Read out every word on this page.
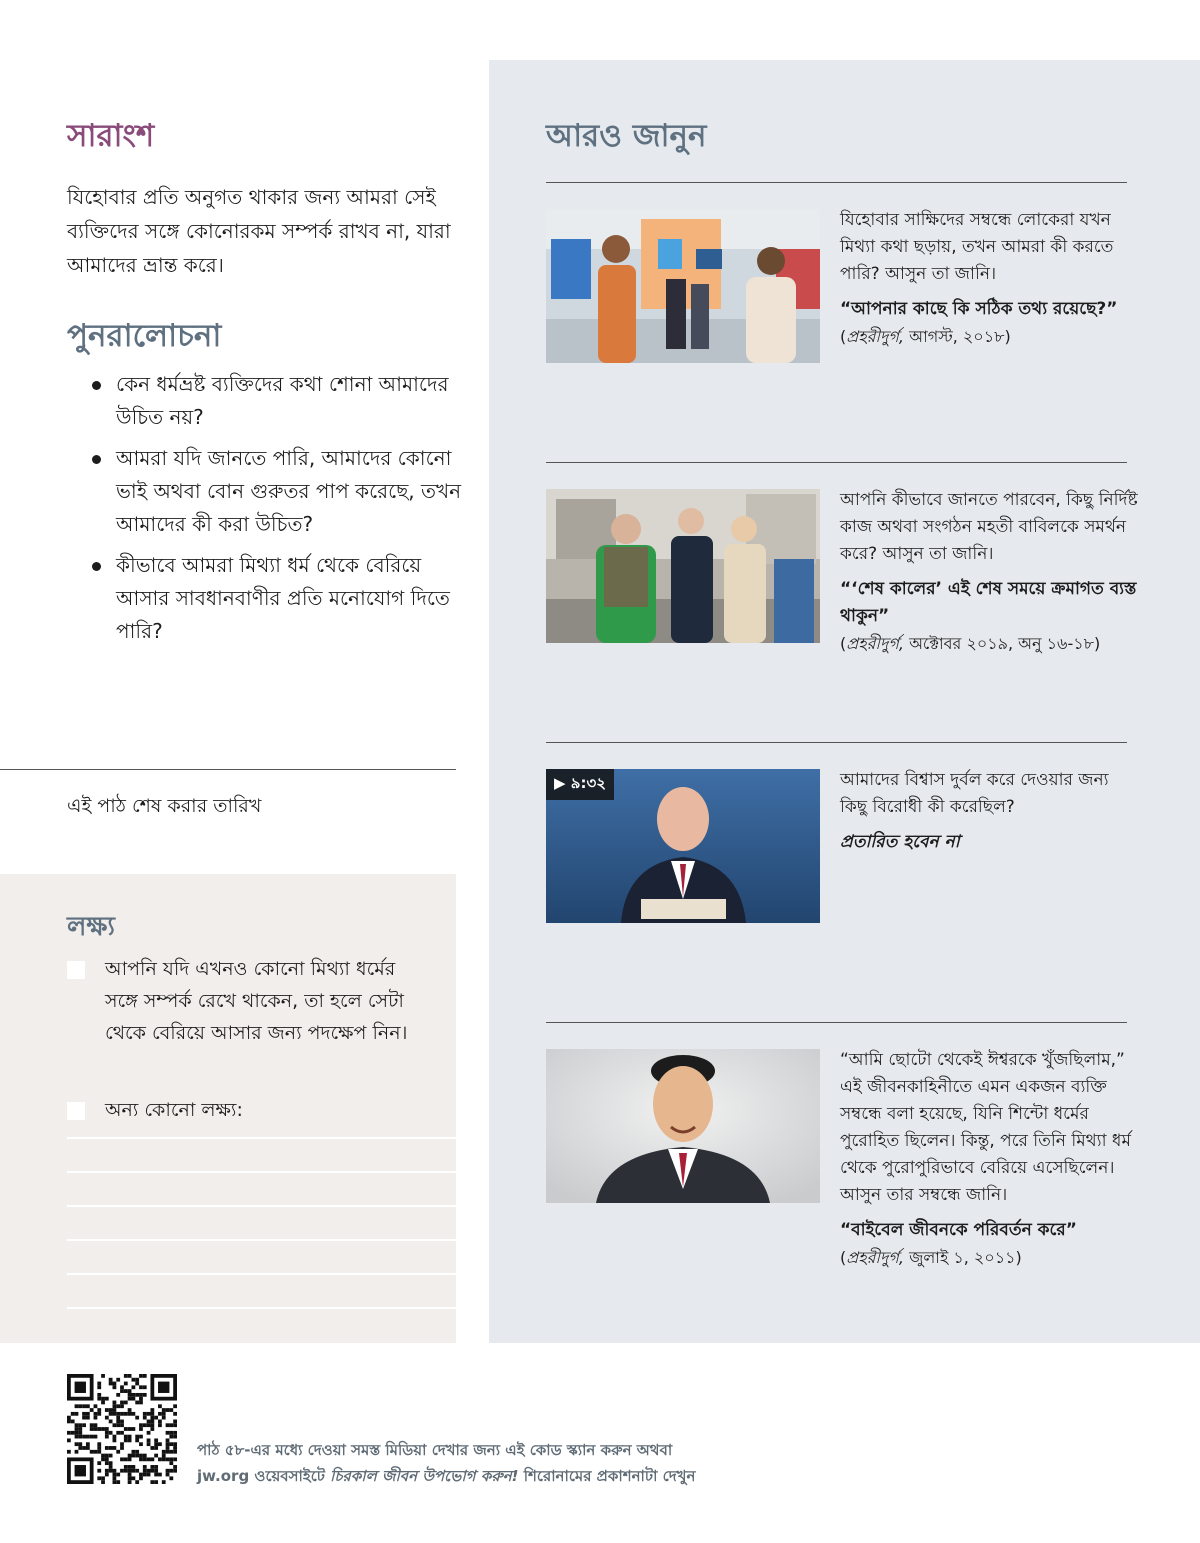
সারাংশ

যিহোবার প্রতি অনুগত থাকার জন্য আমরা সেই ব্যক্তিদের সঙ্গে কোনোরকম সম্পর্ক রাখব না, যারা আমাদের ভ্রান্ত করে।

পুনরালোচনা
কেন ধর্মভ্রষ্ট ব্যক্তিদের কথা শোনা আমাদের উচিত নয়?
আমরা যদি জানতে পারি, আমাদের কোনো ভাই অথবা বোন গুরুতর পাপ করেছে, তখন আমাদের কী করা উচিত?
কীভাবে আমরা মিথ্যা ধর্ম থেকে বেরিয়ে আসার সাবধানবাণীর প্রতি মনোযোগ দিতে পারি?
এই পাঠ শেষ করার তারিখ
লক্ষ্য
আপনি যদি এখনও কোনো মিথ্যা ধর্মের সঙ্গে সম্পর্ক রেখে থাকেন, তা হলে সেটা থেকে বেরিয়ে আসার জন্য পদক্ষেপ নিন।
অন্য কোনো লক্ষ্য:
আরও জানুন
যিহোবার সাক্ষিদের সম্বন্ধে লোকেরা যখন মিথ্যা কথা ছড়ায়, তখন আমরা কী করতে পারি? আসুন তা জানি।
“আপনার কাছে কি সঠিক তথ্য রয়েছে?” (প্রহরীদুর্গ, আগস্ট, ২০১৮)
আপনি কীভাবে জানতে পারবেন, কিছু নির্দিষ্ট কাজ অথবা সংগঠন মহতী বাবিলকে সমর্থন করে? আসুন তা জানি।
“‘শেষ কালের’ এই শেষ সময়ে ক্রমাগত ব্যস্ত থাকুন”
(প্রহরীদুর্গ, অক্টোবর ২০১৯, অনু ১৬-১৮)
▶ ৯:৩২	আমাদের বিশ্বাস দুর্বল করে দেওয়ার জন্য কিছু বিরোধী কী করেছিল?
প্রতারিত হবেন না
“আমি ছোটো থেকেই ঈশ্বরকে খুঁজছিলাম,” এই জীবনকাহিনীতে এমন একজন ব্যক্তি সম্বন্ধে বলা হয়েছে, যিনি শিন্টো ধর্মের পুরোহিত ছিলেন। কিন্তু, পরে তিনি মিথ্যা ধর্ম থেকে পুরোপুরিভাবে বেরিয়ে এসেছিলেন। আসুন তার সম্বন্ধে জানি।
“বাইবেল জীবনকে পরিবর্তন করে”
(প্রহরীদুর্গ, জুলাই ১, ২০১১)
পাঠ ৫৮-এর মধ্যে দেওয়া সমস্ত মিডিয়া দেখার জন্য এই কোড স্ক্যান করুন অথবা
jw.org ওয়েবসাইটে চিরকাল জীবন উপভোগ করুন! শিরোনামের প্রকাশনাটা দেখুন
